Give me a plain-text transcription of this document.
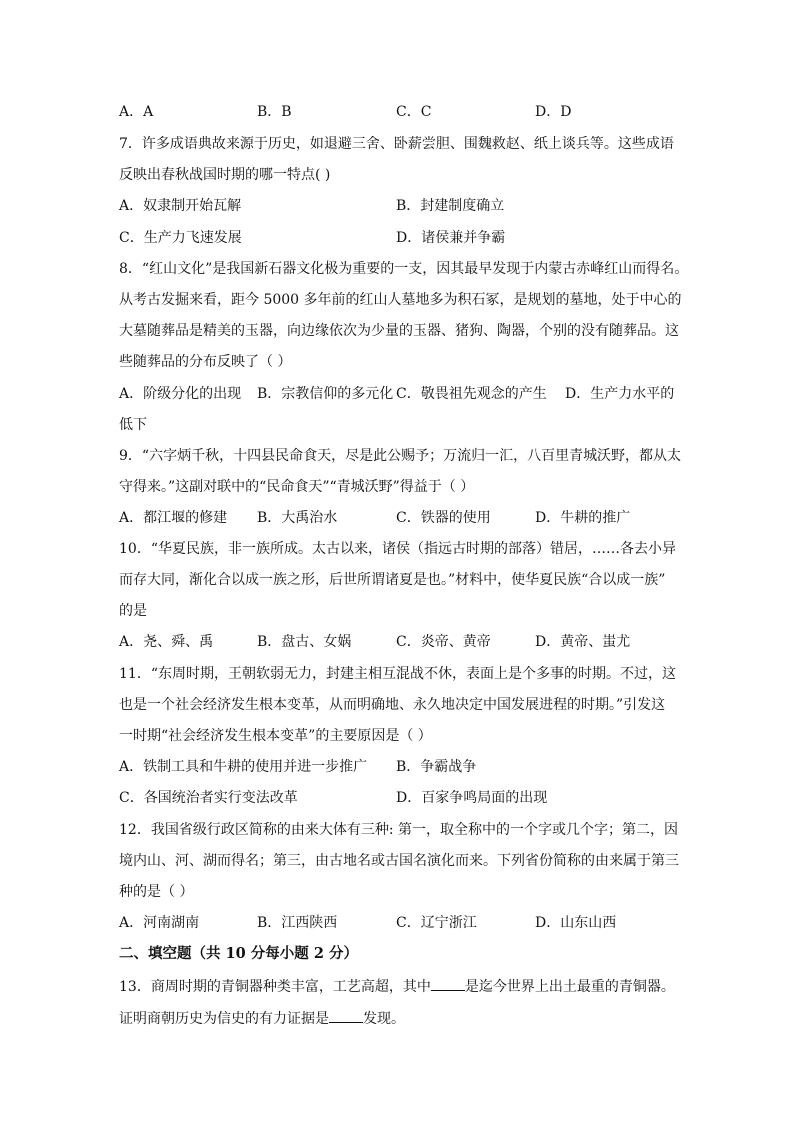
A．A	B．B	C．C	D．D
7．许多成语典故来源于历史，如退避三舍、卧薪尝胆、围魏救赵、纸上谈兵等。这些成语
反映出春秋战国时期的哪一特点( )
A．奴隶制开始瓦解	B．封建制度确立
C．生产力飞速发展	D．诸侯兼并争霸
8．“红山文化”是我国新石器文化极为重要的一支，因其最早发现于内蒙古赤峰红山而得名。
从考古发掘来看，距今 5000 多年前的红山人墓地多为积石冢，是规划的墓地，处于中心的
大墓随葬品是精美的玉器，向边缘依次为少量的玉器、猪狗、陶器，个别的没有随葬品。这
些随葬品的分布反映了（ ）
A．阶级分化的出现 B．宗教信仰的多元化 C．敬畏祖先观念的产生 D．生产力水平的
低下
9．“六字炳千秋，十四县民命食天，尽是此公赐予；万流归一汇，八百里青城沃野，都从太
守得来。”这副对联中的“民命食天”“青城沃野”得益于（ ）
A．都江堰的修建 B．大禹治水	C．铁器的使用	D．牛耕的推广
10．“华夏民族，非一族所成。太古以来，诸侯（指远古时期的部落）错居，……各去小异
而存大同，渐化合以成一族之形，后世所谓诸夏是也。”材料中，使华夏民族“合以成一族”
的是
A．尧、舜、禹	B．盘古、女娲	C．炎帝、黄帝	D．黄帝、蚩尤
11．“东周时期，王朝软弱无力，封建主相互混战不休，表面上是个多事的时期。不过，这
也是一个社会经济发生根本变革，从而明确地、永久地决定中国发展进程的时期。”引发这
一时期“社会经济发生根本变革”的主要原因是（ ）
A．铁制工具和牛耕的使用并进一步推广 B．争霸战争
C．各国统治者实行变法改革	D．百家争鸣局面的出现
12．我国省级行政区简称的由来大体有三种: 第一，取全称中的一个字或几个字；第二，因
境内山、河、湖而得名；第三，由古地名或古国名演化而来。下列省份简称的由来属于第三
种的是（ ）
A．河南湖南	B．江西陕西	C．辽宁浙江	D．山东山西
二、填空题（共 10 分每小题 2 分）
13．商周时期的青铜器种类丰富，工艺高超，其中 是迄今世界上出土最重的青铜器。
证明商朝历史为信史的有力证据是 发现。
